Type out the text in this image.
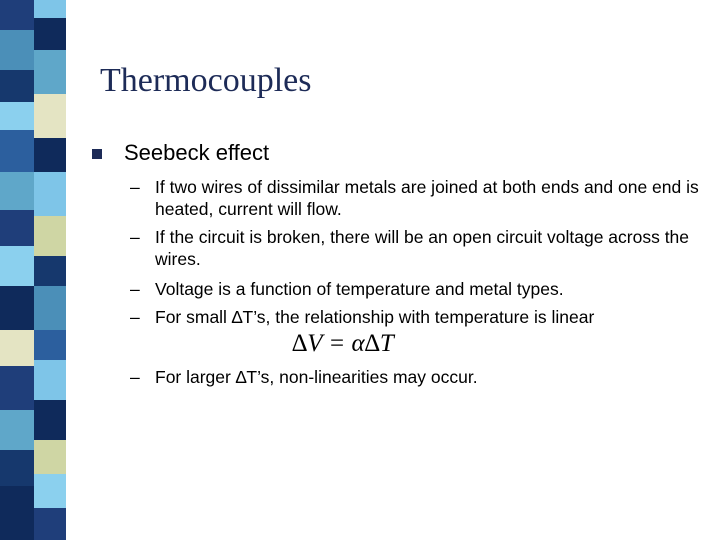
Thermocouples
Seebeck effect
– If two wires of dissimilar metals are joined at both ends and one end is heated, current will flow.
– If the circuit is broken, there will be an open circuit voltage across the wires.
– Voltage is a function of temperature and metal types.
– For small ∆T’s, the relationship with temperature is linear
∆V = α∆T
– For larger ∆T’s, non-linearities may occur.
